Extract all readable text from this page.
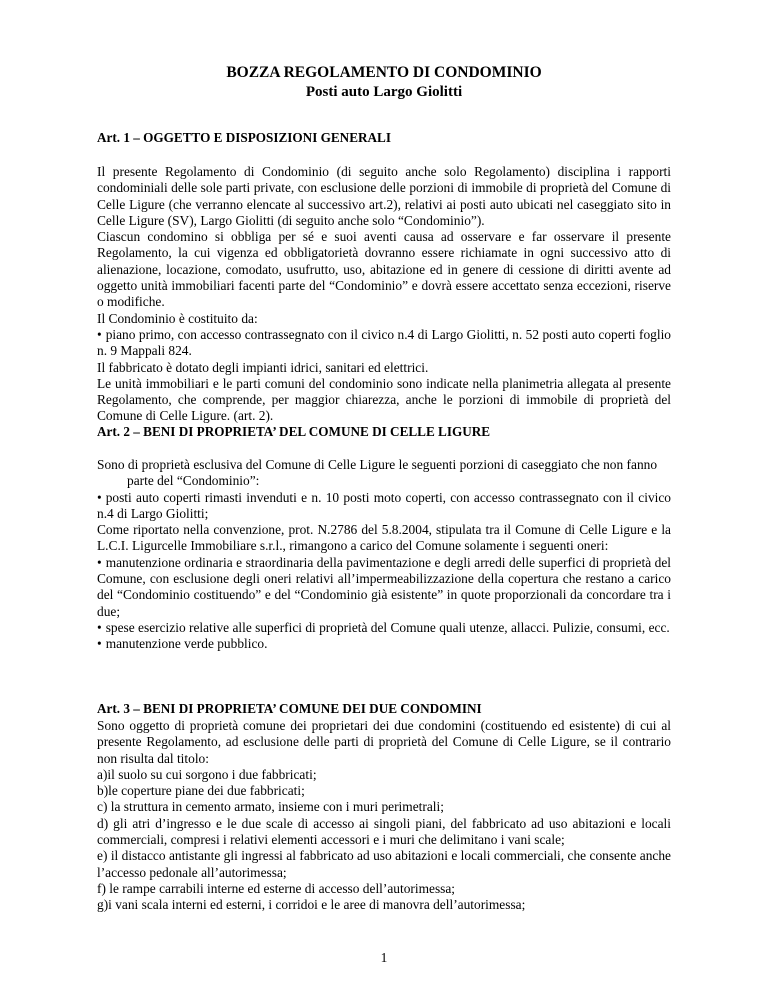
BOZZA REGOLAMENTO DI CONDOMINIO
Posti auto Largo Giolitti
Art. 1 – OGGETTO E DISPOSIZIONI GENERALI

Il presente Regolamento di Condominio (di seguito anche solo Regolamento) disciplina i rapporti condominiali delle sole parti private, con esclusione delle porzioni di immobile di proprietà del Comune di Celle Ligure (che verranno elencate al successivo art.2), relativi ai posti auto ubicati nel caseggiato sito in Celle Ligure (SV), Largo Giolitti (di seguito anche solo “Condominio”).

Ciascun condomino si obbliga per sé e suoi aventi causa ad osservare e far osservare il presente Regolamento, la cui vigenza ed obbligatorietà dovranno essere richiamate in ogni successivo atto di alienazione, locazione, comodato, usufrutto, uso, abitazione ed in genere di cessione di diritti avente ad oggetto unità immobiliari facenti parte del “Condominio” e dovrà essere accettato senza eccezioni, riserve o modifiche.

Il Condominio è costituito da:

• piano primo, con accesso contrassegnato con il civico n.4 di Largo Giolitti, n. 52 posti auto coperti foglio n. 9 Mappali 824.

Il fabbricato è dotato degli impianti idrici, sanitari ed elettrici.

Le unità immobiliari e le parti comuni del condominio sono indicate nella planimetria allegata al presente Regolamento, che comprende, per maggior chiarezza, anche le porzioni di immobile di proprietà del Comune di Celle Ligure. (art. 2).

Art. 2 – BENI DI PROPRIETA’ DEL COMUNE DI CELLE LIGURE

Sono di proprietà esclusiva del Comune di Celle Ligure le seguenti porzioni di caseggiato che non fanno

parte del “Condominio”:

• posti auto coperti rimasti invenduti e n. 10 posti moto coperti, con accesso contrassegnato con il civico n.4 di Largo Giolitti;

Come riportato nella convenzione, prot. N.2786 del 5.8.2004, stipulata tra il Comune di Celle Ligure e la L.C.I. Ligurcelle Immobiliare s.r.l., rimangono a carico del Comune solamente i seguenti oneri:

• manutenzione ordinaria e straordinaria della pavimentazione e degli arredi delle superfici di proprietà del Comune, con esclusione degli oneri relativi all’impermeabilizzazione della copertura che restano a carico del “Condominio costituendo” e del “Condominio già esistente” in quote proporzionali da concordare tra i due;

• spese esercizio relative alle superfici di proprietà del Comune quali utenze, allacci. Pulizie, consumi, ecc.

• manutenzione verde pubblico.

Art. 3 – BENI DI PROPRIETA’ COMUNE DEI DUE CONDOMINI

Sono oggetto di proprietà comune dei proprietari dei due condomini (costituendo ed esistente) di cui al presente Regolamento, ad esclusione delle parti di proprietà del Comune di Celle Ligure, se il contrario non risulta dal titolo:

a)il suolo su cui sorgono i due fabbricati;

b)le coperture piane dei due fabbricati;

c) la struttura in cemento armato, insieme con i muri perimetrali;

d) gli atri d’ingresso e le due scale di accesso ai singoli piani, del fabbricato ad uso abitazioni e locali commerciali, compresi i relativi elementi accessori e i muri che delimitano i vani scale;

e) il distacco antistante gli ingressi al fabbricato ad uso abitazioni e locali commerciali, che consente anche l’accesso pedonale all’autorimessa;

f) le rampe carrabili interne ed esterne di accesso dell’autorimessa;

g)i vani scala interni ed esterni, i corridoi e le aree di manovra dell’autorimessa;

1
